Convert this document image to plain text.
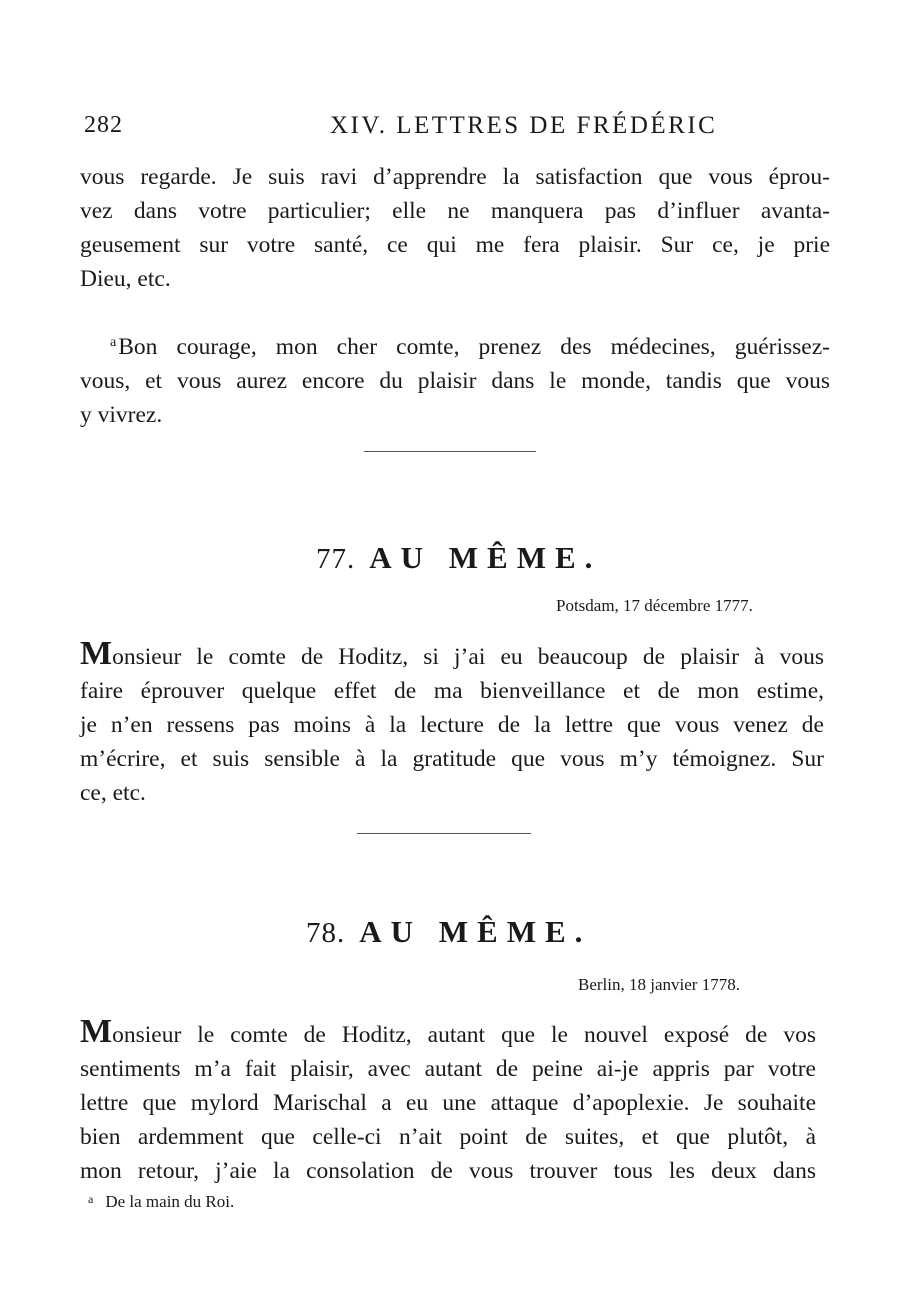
282	XIV. LETTRES DE FRÉDÉRIC
vous regarde. Je suis ravi d’apprendre la satisfaction que vous éprou-
vez dans votre particulier; elle ne manquera pas d’influer avanta-
geusement sur votre santé, ce qui me fera plaisir. Sur ce, je prie
Dieu, etc.
$^a$Bon courage, mon cher comte, prenez des médecines, guérissez-
vous, et vous aurez encore du plaisir dans le monde, tandis que vous
y vivrez.
77. AU MÊME.
Potsdam, 17 décembre 1777.
Monsieur le comte de Hoditz, si j’ai eu beaucoup de plaisir à vous
faire éprouver quelque effet de ma bienveillance et de mon estime,
je n’en ressens pas moins à la lecture de la lettre que vous venez de
m’écrire, et suis sensible à la gratitude que vous m’y témoignez. Sur
ce, etc.
78. AU MÊME.
Berlin, 18 janvier 1778.
Monsieur le comte de Hoditz, autant que le nouvel exposé de vos
sentiments m’a fait plaisir, avec autant de peine ai-je appris par votre
lettre que mylord Marischal a eu une attaque d’apoplexie. Je souhaite
bien ardemment que celle-ci n’ait point de suites, et que plutôt, à
mon retour, j’aie la consolation de vous trouver tous les deux dans
$^a$ De la main du Roi.
